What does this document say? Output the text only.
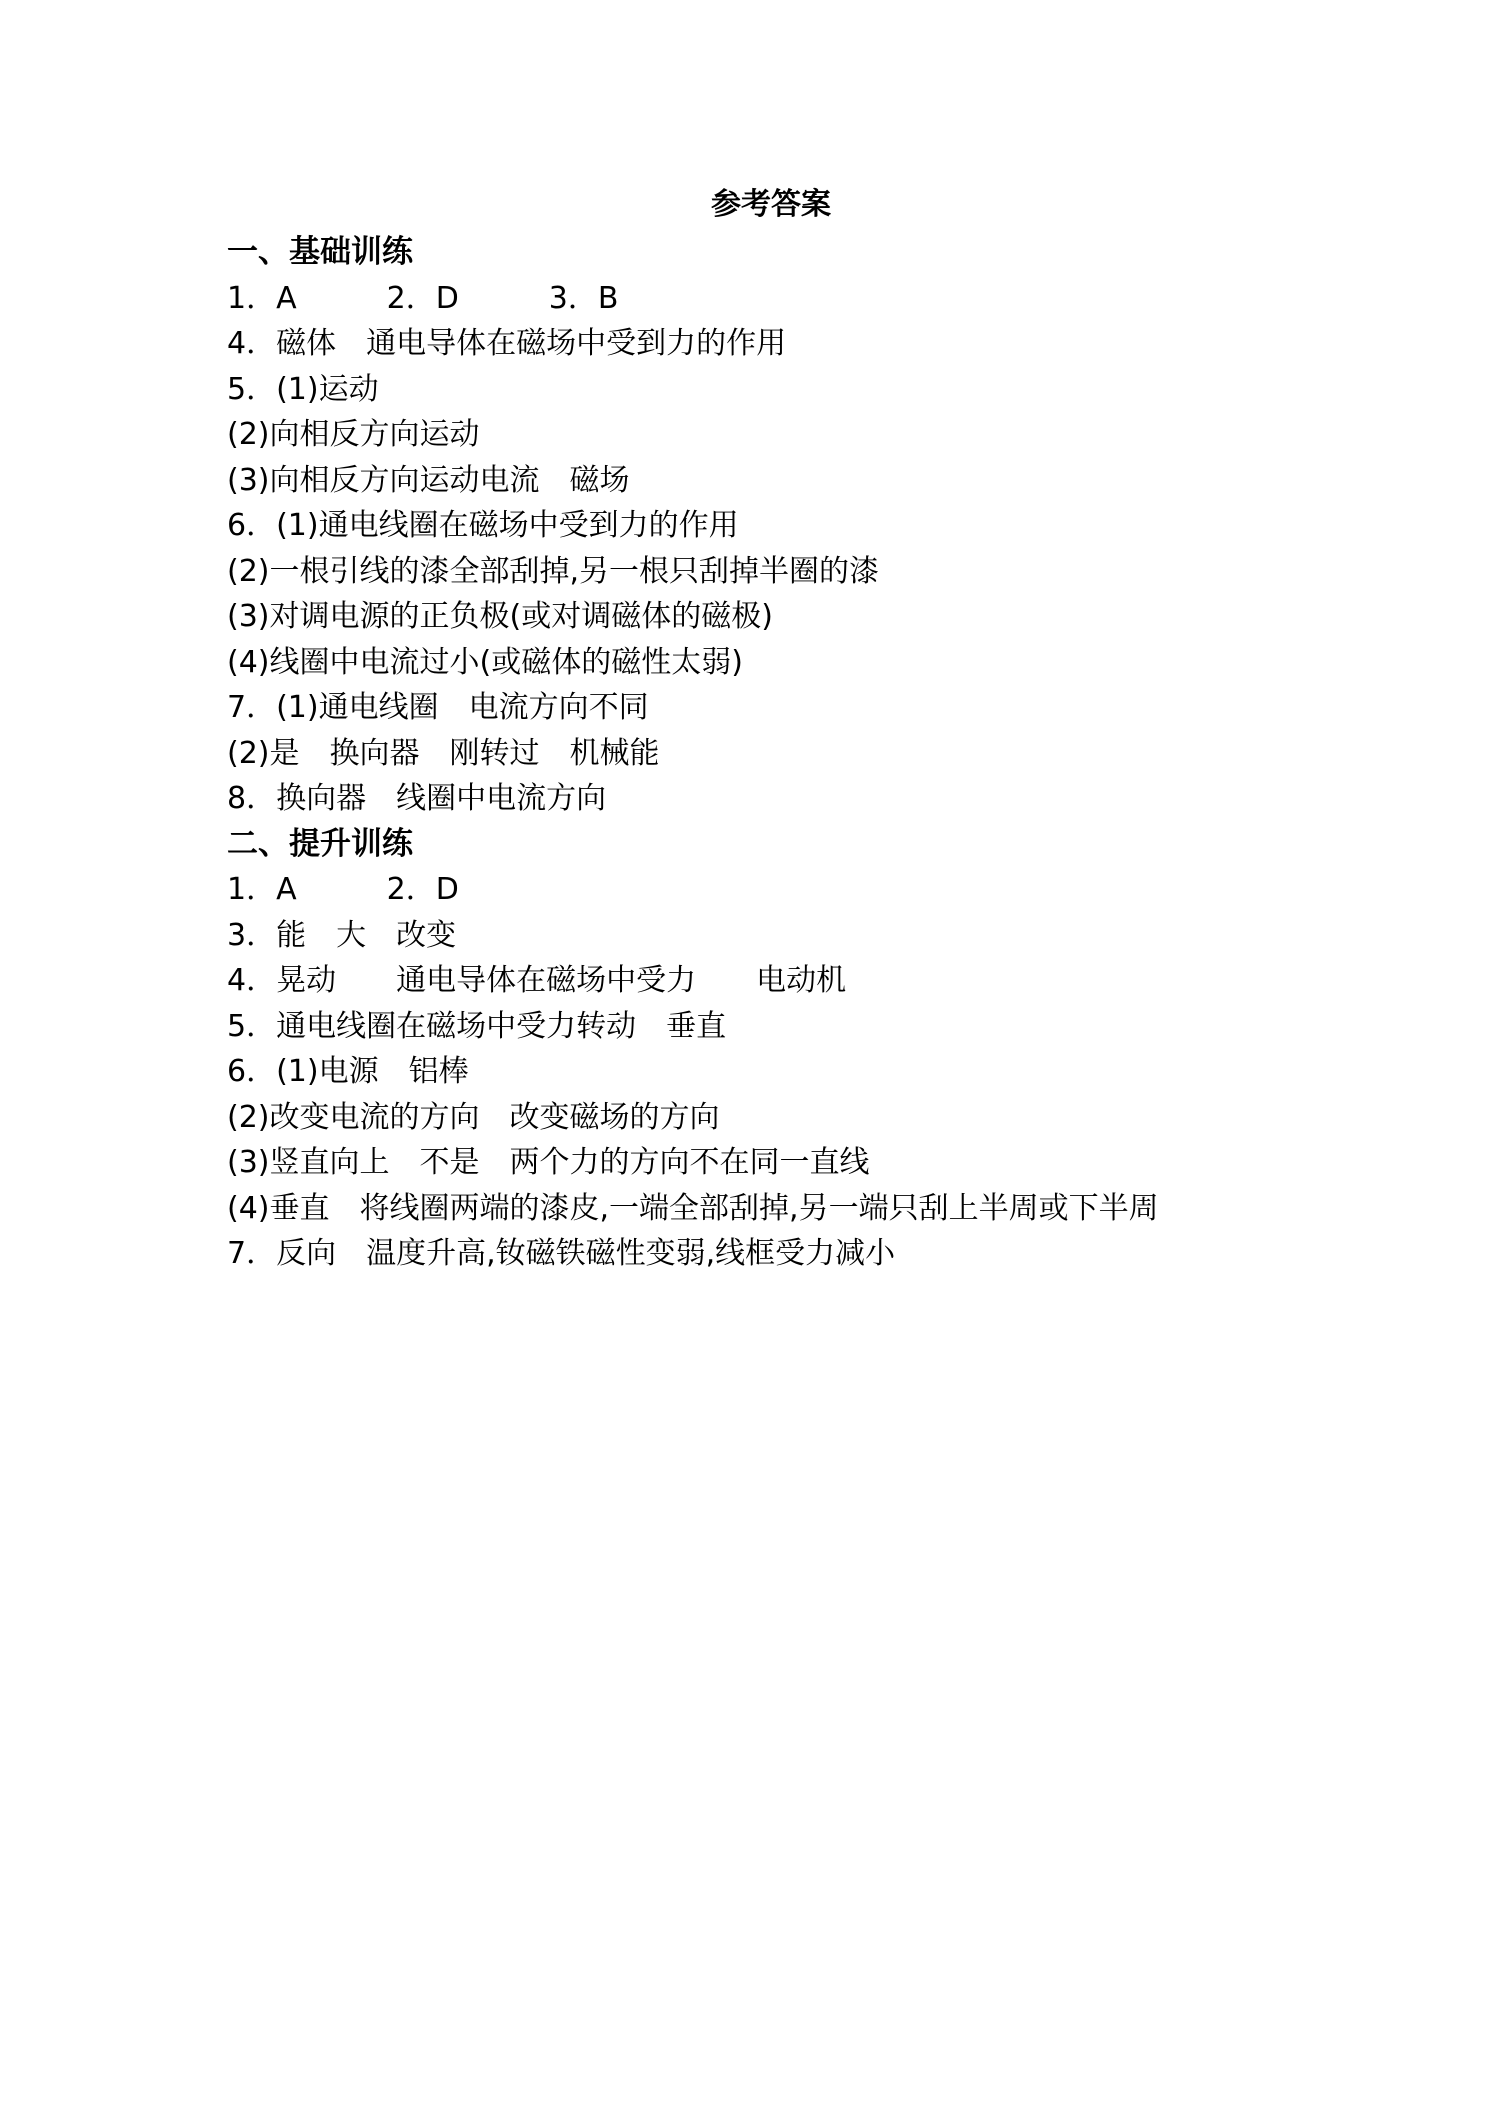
参考答案
一、基础训练

1．A　　　2．D　　　3．B

4．磁体　通电导体在磁场中受到力的作用

5．(1)运动

(2)向相反方向运动

(3)向相反方向运动电流　磁场

6．(1)通电线圈在磁场中受到力的作用

(2)一根引线的漆全部刮掉,另一根只刮掉半圈的漆

(3)对调电源的正负极(或对调磁体的磁极)

(4)线圈中电流过小(或磁体的磁性太弱)

7．(1)通电线圈　电流方向不同

(2)是　换向器　刚转过　机械能

8．换向器　线圈中电流方向

二、提升训练

1．A　　　2．D

3．能　大　改变

4．晃动　　通电导体在磁场中受力　　电动机

5．通电线圈在磁场中受力转动　垂直

6．(1)电源　铝棒

(2)改变电流的方向　改变磁场的方向

(3)竖直向上　不是　两个力的方向不在同一直线

(4)垂直　将线圈两端的漆皮,一端全部刮掉,另一端只刮上半周或下半周

7．反向　温度升高,钕磁铁磁性变弱,线框受力减小
